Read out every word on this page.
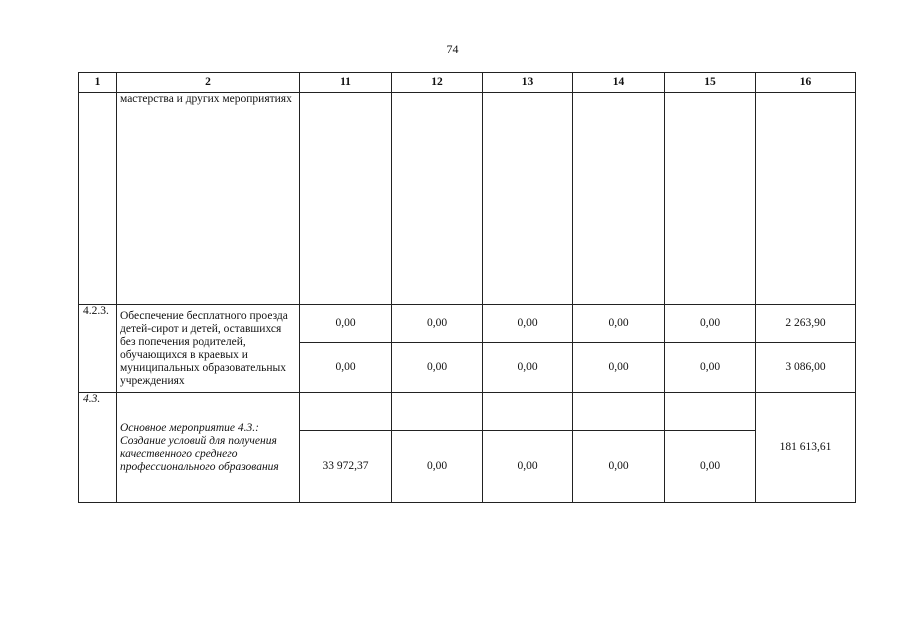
74
1	2	11	12	13	14	15	16
	мастерства и других мероприятиях						
4.2.3.	Обеспечение бесплатного проезда детей-сирот и детей, оставшихся без попечения родителей, обучающихся в краевых и муниципальных образовательных учреждениях	0,00	0,00	0,00	0,00	0,00	2 263,90
		0,00	0,00	0,00	0,00	0,00	3 086,00
4.3.	Основное мероприятие 4.3.: Создание условий для получения качественного среднего профессионального образования						181 613,61
		33 972,37	0,00	0,00	0,00	0,00	
